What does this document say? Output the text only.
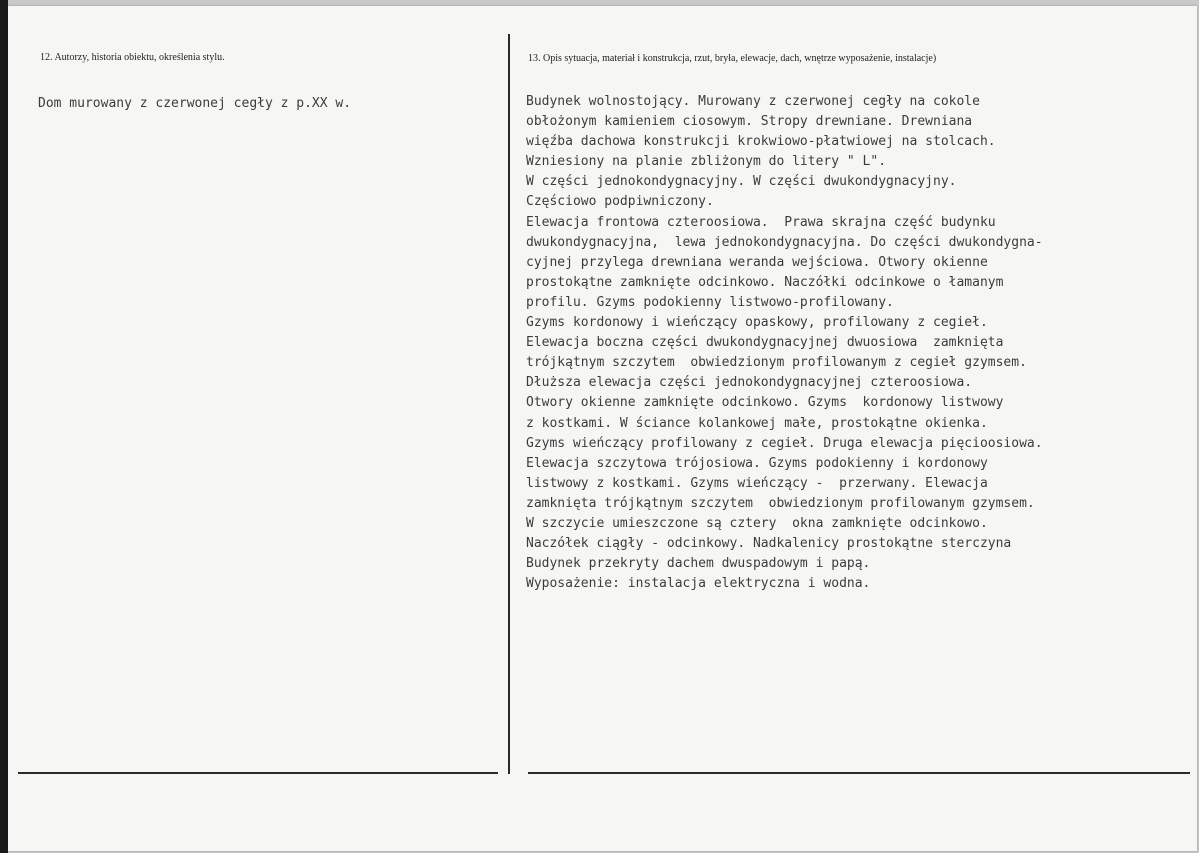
12. Autorzy, historia obiektu, określenia stylu.
Dom murowany z czerwonej cegły z p.XX w.
13. Opis sytuacja, materiał i konstrukcja, rzut, bryła, elewacje, dach, wnętrze wyposażenie, instalacje)
Budynek wolnostojący. Murowany z czerwonej cegły na cokole
obłożonym kamieniem ciosowym. Stropy drewniane. Drewniana
więźba dachowa konstrukcji krokwiowo-płatwiowej na stolcach.
Wzniesiony na planie zbliżonym do litery " L".
W części jednokondygnacyjny. W części dwukondygnacyjny.
Częściowo podpiwniczony.
Elewacja frontowa czteroosiowa.  Prawa skrajna część budynku
dwukondygnacyjna,  lewa jednokondygnacyjna. Do części dwukondygna-
cyjnej przylega drewniana weranda wejściowa. Otwory okienne
prostokątne zamknięte odcinkowo. Naczółki odcinkowe o łamanym
profilu. Gzyms podokienny listwowo-profilowany.
Gzyms kordonowy i wieńczący opaskowy, profilowany z cegieł.
Elewacja boczna części dwukondygnacyjnej dwuosiowa  zamknięta
trójkątnym szczytem  obwiedzionym profilowanym z cegieł gzymsem.
Dłuższa elewacja części jednokondygnacyjnej czteroosiowa.
Otwory okienne zamknięte odcinkowo. Gzyms  kordonowy listwowy
z kostkami. W ściance kolankowej małe, prostokątne okienka.
Gzyms wieńczący profilowany z cegieł. Druga elewacja pięcioosiowa.
Elewacja szczytowa trójosiowa. Gzyms podokienny i kordonowy
listwowy z kostkami. Gzyms wieńczący -  przerwany. Elewacja
zamknięta trójkątnym szczytem  obwiedzionym profilowanym gzymsem.
W szczycie umieszczone są cztery  okna zamknięte odcinkowo.
Naczółek ciągły - odcinkowy. Nadkalenicy prostokątne sterczyna
Budynek przekryty dachem dwuspadowym i papą.
Wyposażenie: instalacja elektryczna i wodna.
